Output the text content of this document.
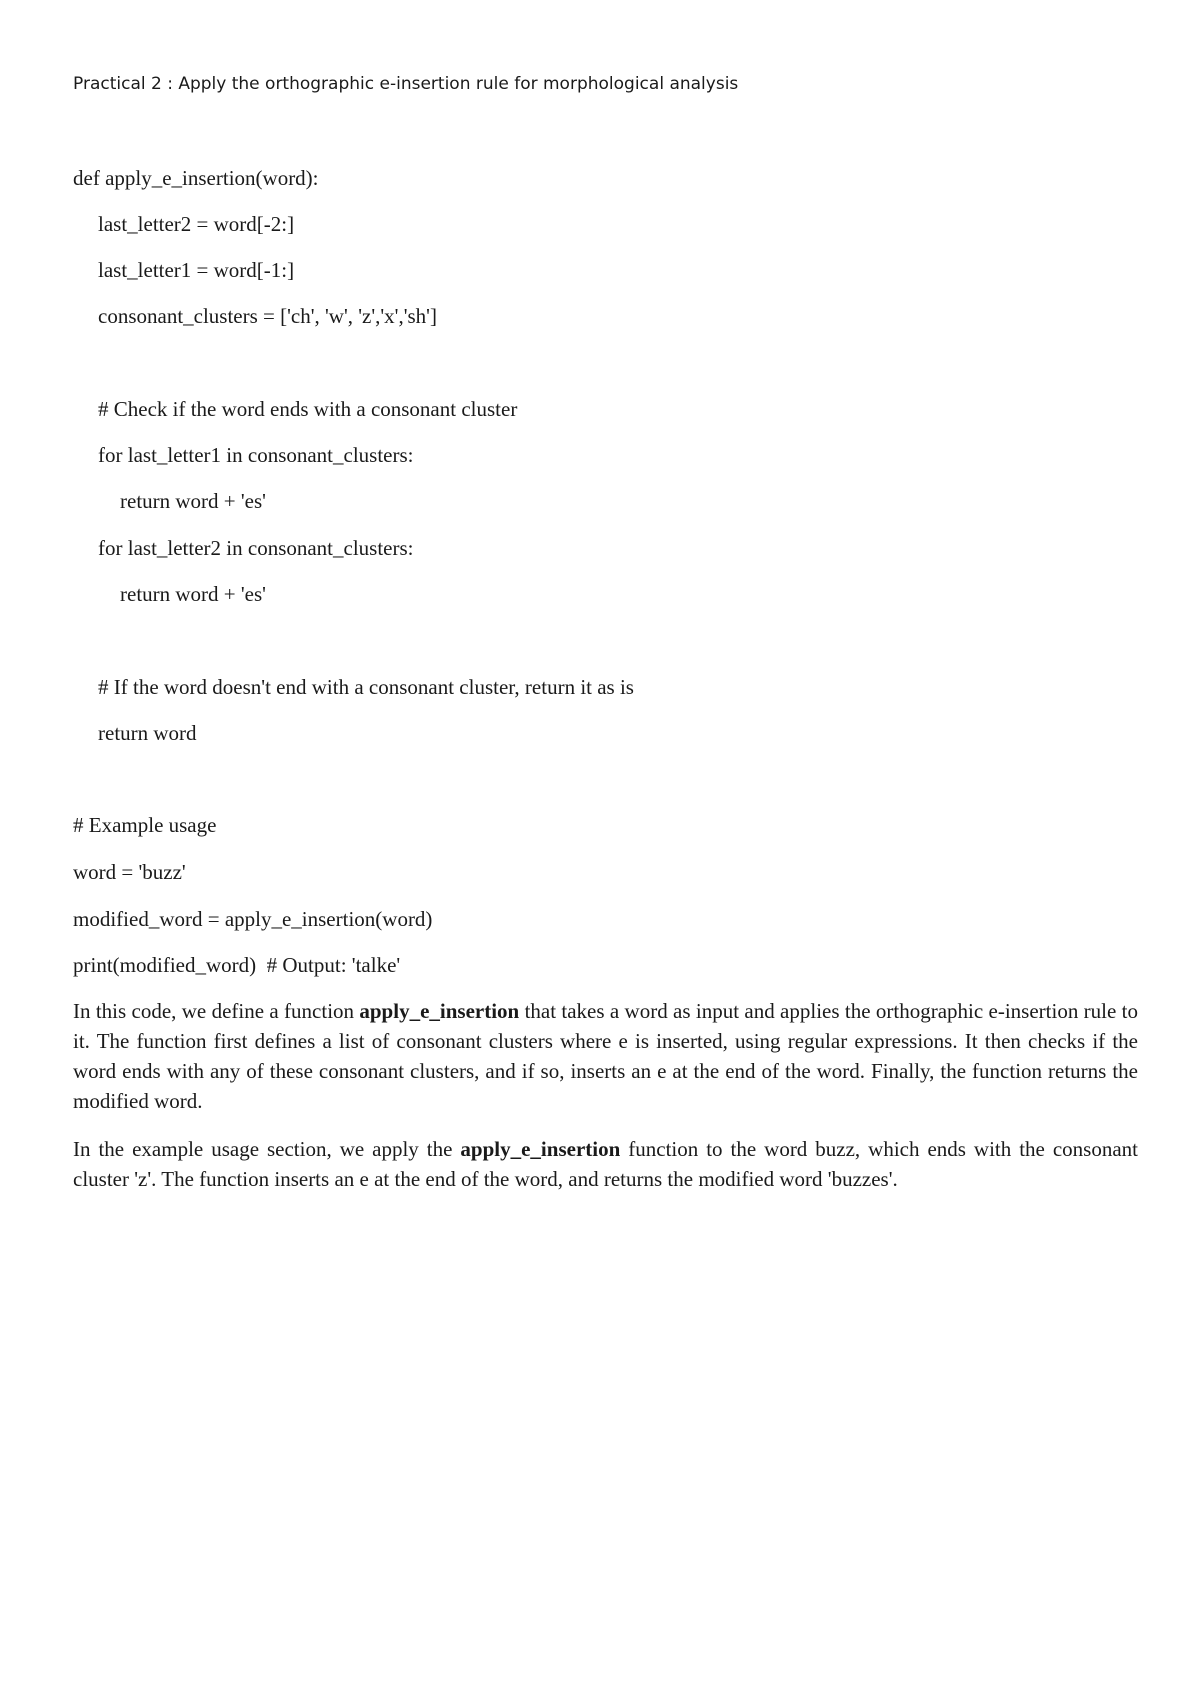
Practical 2 : Apply the orthographic e-insertion rule for morphological analysis
def apply_e_insertion(word):
last_letter2 = word[-2:]
last_letter1 = word[-1:]
consonant_clusters = ['ch', 'w', 'z','x','sh']
# Check if the word ends with a consonant cluster
for last_letter1 in consonant_clusters:
return word + 'es'
for last_letter2 in consonant_clusters:
return word + 'es'
# If the word doesn't end with a consonant cluster, return it as is
return word
# Example usage
word = 'buzz'
modified_word = apply_e_insertion(word)
print(modified_word)  # Output: 'talke'

In this code, we define a function apply_e_insertion that takes a word as input and applies the orthographic e-insertion rule to it. The function first defines a list of consonant clusters where e is inserted, using regular expressions. It then checks if the word ends with any of these consonant clusters, and if so, inserts an e at the end of the word. Finally, the function returns the modified word.

In the example usage section, we apply the apply_e_insertion function to the word buzz, which ends with the consonant cluster 'z'. The function inserts an e at the end of the word, and returns the modified word 'buzzes'.
